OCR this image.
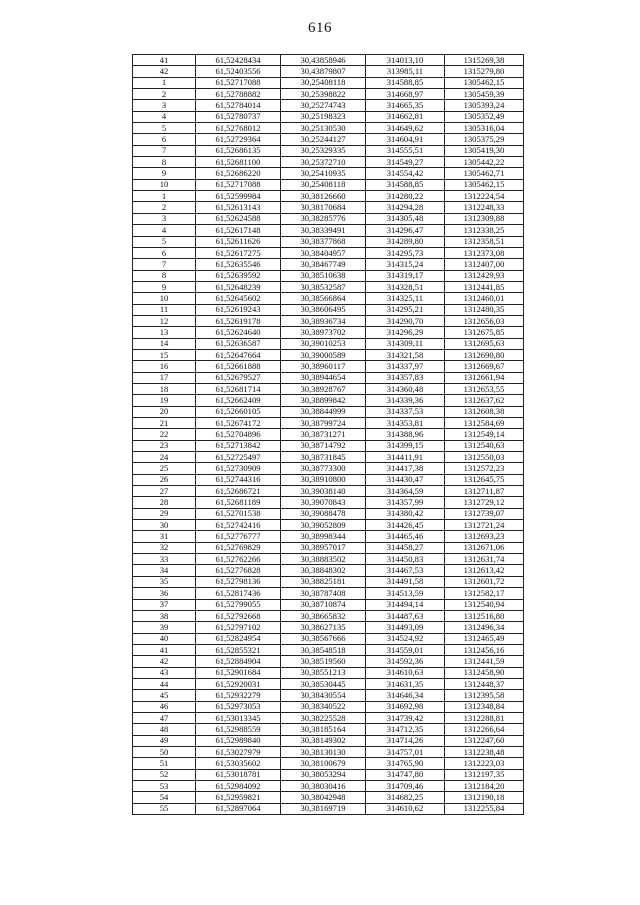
616
41	61,52428434	30,43858946	314013,10	1315269,38
42	61,52403556	30,43879807	313985,11	1315279,80
1	61,52717088	30,25408118	314588,85	1305462,15
2	61,52788882	30,25398822	314668,97	1305459,39
3	61,52784014	30,25274743	314665,35	1305393,24
4	61,52780737	30,25198323	314662,81	1305352,49
5	61,52768012	30,25130530	314649,62	1305316,04
6	61,52729364	30,25244127	314604,91	1305375,29
7	61,52686135	30,25329335	314555,51	1305419,30
8	61,52681100	30,25372710	314549,27	1305442,22
9	61,52686220	30,25410935	314554,42	1305462,71
10	61,52717088	30,25408118	314588,85	1305462,15
1	61,52599984	30,38126660	314280,22	1312224,54
2	61,52613143	30,38170684	314294,28	1312248,33
3	61,52624588	30,38285776	314305,48	1312309,88
4	61,52617148	30,38339491	314296,47	1312338,25
5	61,52611626	30,38377868	314289,80	1312358,51
6	61,52617275	30,38404957	314295,73	1312373,08
7	61,52635546	30,38467749	314315,24	1312407,00
8	61,52639592	30,38510638	314319,17	1312429,93
9	61,52648239	30,38532587	314328,51	1312441,85
10	61,52645602	30,38566864	314325,11	1312460,01
11	61,52619243	30,38606495	314295,21	1312480,35
12	61,52619178	30,38936734	314290,70	1312656,03
13	61,52624640	30,38973702	314296,29	1312675,85
14	61,52636587	30,39010253	314309,11	1312695,63
15	61,52647664	30,39000589	314321,58	1312690,80
16	61,52661888	30,38960117	314337,97	1312669,67
17	61,52679527	30,38944654	314357,83	1312661,94
18	61,52681714	30,38928767	314360,48	1312653,55
19	61,52662409	30,38899842	314339,36	1312637,62
20	61,52660105	30,38844999	314337,53	1312608,38
21	61,52674172	30,38799724	314353,81	1312584,69
22	61,52704896	30,38731271	314388,96	1312549,14
23	61,52713842	30,38714792	314399,15	1312540,63
24	61,52725497	30,38731845	314411,91	1312550,03
25	61,52730909	30,38773300	314417,38	1312572,23
26	61,52744316	30,38910800	314430,47	1312645,75
27	61,52686721	30,39038140	314364,59	1312711,87
28	61,52681189	30,39070843	314357,99	1312729,12
29	61,52701538	30,39088478	314380,42	1312739,07
30	61,52742416	30,39052809	314426,45	1312721,24
31	61,52776777	30,38998344	314465,46	1312693,23
32	61,52769829	30,38957017	314458,27	1312671,06
33	61,52762266	30,38883502	314450,83	1312631,74
34	61,52776828	30,38848302	314467,53	1312613,42
35	61,52798136	30,38825181	314491,58	1312601,72
36	61,52817436	30,38787408	314513,59	1312582,17
37	61,52799055	30,38710874	314494,14	1312540,94
38	61,52792668	30,38665832	314487,63	1312516,80
39	61,52797102	30,38627135	314493,09	1312496,34
40	61,52824954	30,38567666	314524,92	1312465,49
41	61,52855321	30,38548518	314559,01	1312456,16
42	61,52884904	30,38519560	314592,36	1312441,59
43	61,52901684	30,38551213	314610,63	1312458,90
44	61,52920031	30,38530445	314631,35	1312448,37
45	61,52932279	30,38430554	314646,34	1312395,58
46	61,52973053	30,38340522	314692,98	1312348,84
47	61,53013345	30,38225528	314739,42	1312288,81
48	61,52988559	30,38185164	314712,35	1312266,64
49	61,52989840	30,38149302	314714,26	1312247,60
50	61,53027979	30,38130130	314757,01	1312238,48
51	61,53035602	30,38100679	314765,90	1312223,03
52	61,53018781	30,38053294	314747,80	1312197,35
53	61,52984092	30,38030416	314709,46	1312184,20
54	61,52959821	30,38042948	314682,25	1312190,18
55	61,52897064	30,38169719	314610,62	1312255,84
